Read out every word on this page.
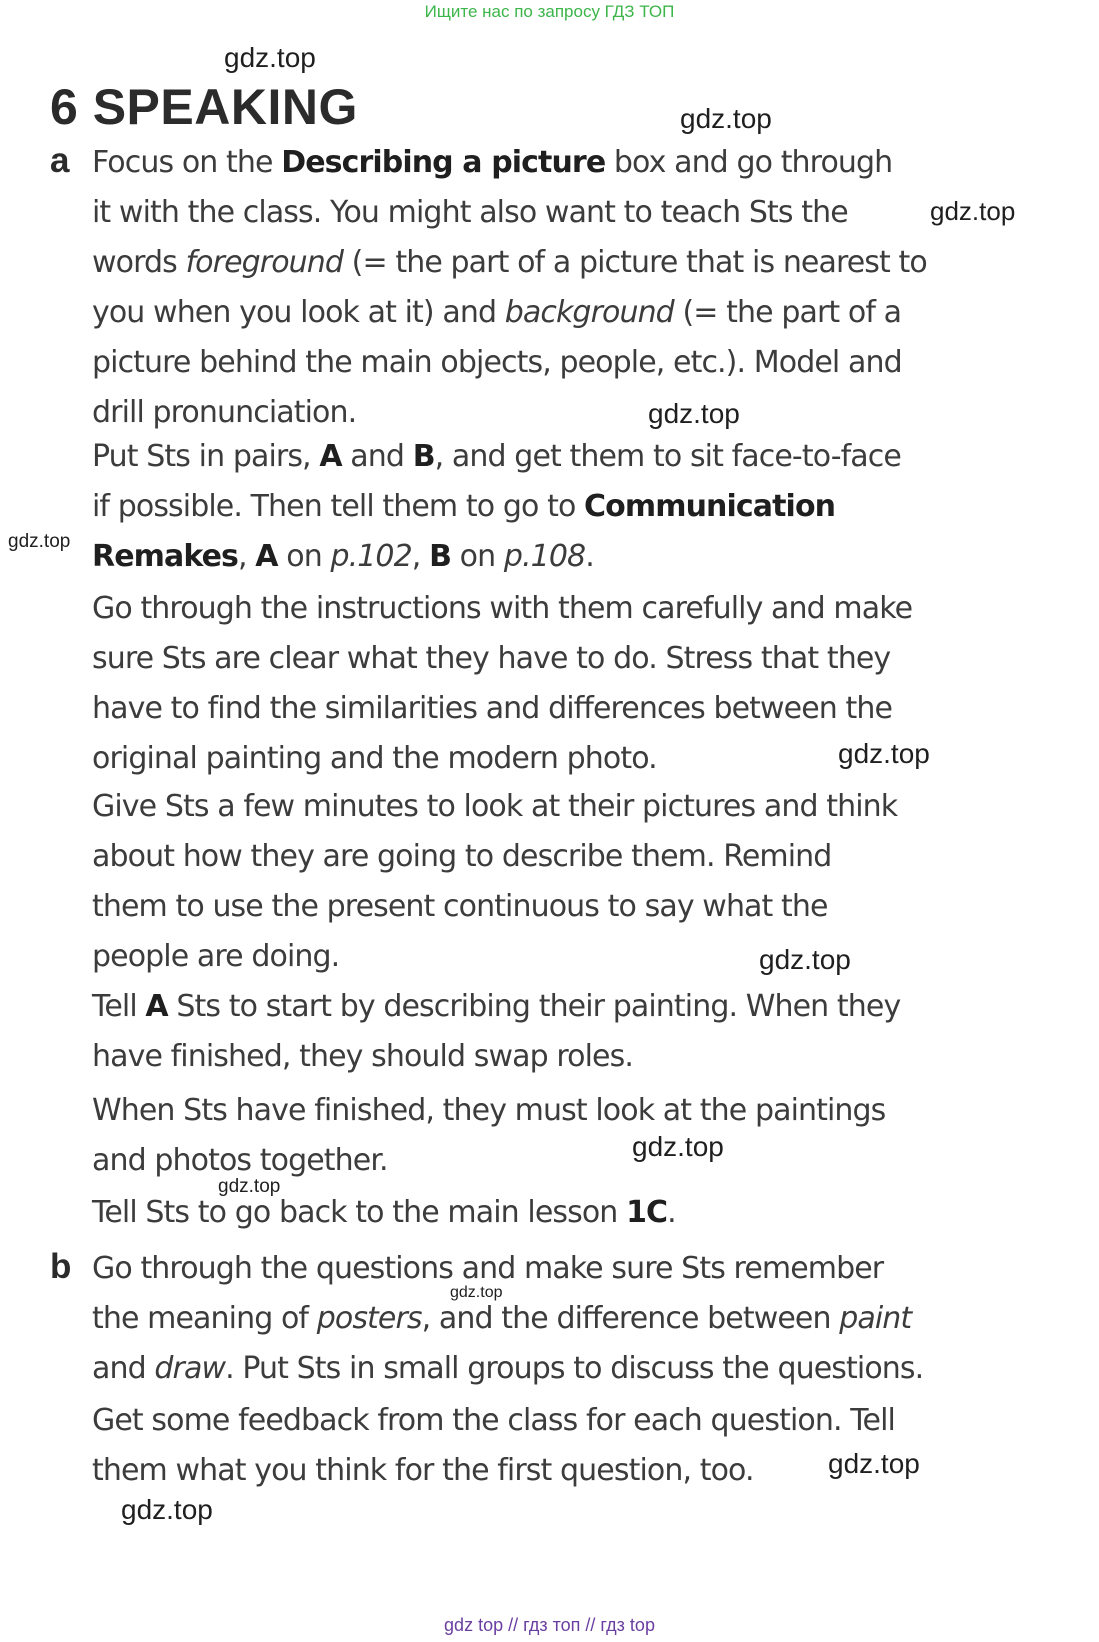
Ищите нас по запросу ГДЗ ТОП
6 SPEAKING
a Focus on the Describing a picture box and go through
it with the class. You might also want to teach Sts the
words foreground (= the part of a picture that is nearest to
you when you look at it) and background (= the part of a
picture behind the main objects, people, etc.). Model and
drill pronunciation.
Put Sts in pairs, A and B, and get them to sit face-to-face
if possible. Then tell them to go to Communication
Remakes, A on p.102, B on p.108.
Go through the instructions with them carefully and make
sure Sts are clear what they have to do. Stress that they
have to find the similarities and differences between the
original painting and the modern photo.
Give Sts a few minutes to look at their pictures and think
about how they are going to describe them. Remind
them to use the present continuous to say what the
people are doing.
Tell A Sts to start by describing their painting. When they
have finished, they should swap roles.
When Sts have finished, they must look at the paintings
and photos together.
Tell Sts to go back to the main lesson 1C.
b Go through the questions and make sure Sts remember
the meaning of posters, and the difference between paint
and draw. Put Sts in small groups to discuss the questions.
Get some feedback from the class for each question. Tell
them what you think for the first question, too.
gdz.top
gdz.top
gdz.top
gdz.top
gdz.top
gdz.top
gdz.top
gdz.top
gdz.top
gdz.top
gdz.top
gdz.top
gdz top // гдз топ // гдз top
